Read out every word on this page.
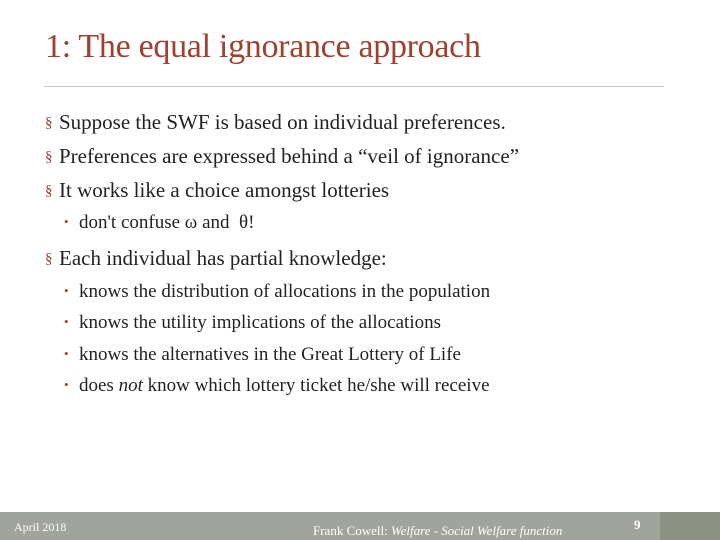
1: The equal ignorance approach
§ Suppose the SWF is based on individual preferences.
§ Preferences are expressed behind a “veil of ignorance”
§ It works like a choice amongst lotteries
• don't confuse ω and  θ!
§ Each individual has partial knowledge:
• knows the distribution of allocations in the population
• knows the utility implications of the allocations
• knows the alternatives in the Great Lottery of Life
• does not know which lottery ticket he/she will receive
April 2018	Frank Cowell: Welfare - Social Welfare function	9
